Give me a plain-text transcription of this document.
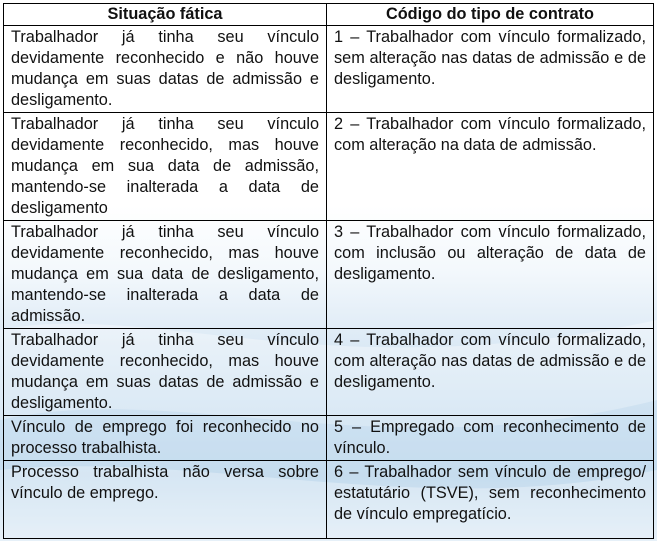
Situação fática	Código do tipo de contrato
Trabalhador já tinha seu vínculo devidamente reconhecido e não houve mudança em suas datas de admissão e desligamento.	1 – Trabalhador com vínculo formalizado, sem alteração nas datas de admissão e de desligamento.
Trabalhador já tinha seu vínculo devidamente reconhecido, mas houve mudança em sua data de admissão, mantendo-se inalterada a data de desligamento	2 – Trabalhador com vínculo formalizado, com alteração na data de admissão.
Trabalhador já tinha seu vínculo devidamente reconhecido, mas houve mudança em sua data de desligamento, mantendo-se inalterada a data de admissão.	3 – Trabalhador com vínculo formalizado, com inclusão ou alteração de data de desligamento.
Trabalhador já tinha seu vínculo devidamente reconhecido, mas houve mudança em suas datas de admissão e desligamento.	4 – Trabalhador com vínculo formalizado, com alteração nas datas de admissão e de desligamento.
Vínculo de emprego foi reconhecido no processo trabalhista.	5 – Empregado com reconhecimento de vínculo.
Processo trabalhista não versa sobre vínculo de emprego.	6 – Trabalhador sem vínculo de emprego/ estatutário (TSVE), sem reconhecimento de vínculo empregatício.
